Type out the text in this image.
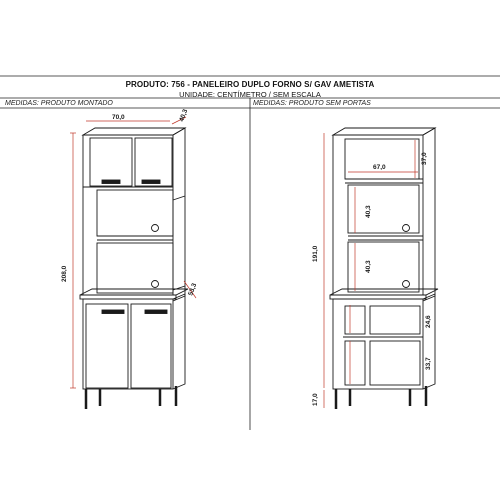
PRODUTO: 756 - PANELEIRO DUPLO FORNO S/ GAV AMETISTA
UNIDADE: CENTÍMETRO / SEM ESCALA
MEDIDAS: PRODUTO MONTADO	MEDIDAS: PRODUTO SEM PORTAS
70,0	40,3
208,0
53,3
67,0
37,0
40,3
40,3
191,0
17,0
24,6
33,7
